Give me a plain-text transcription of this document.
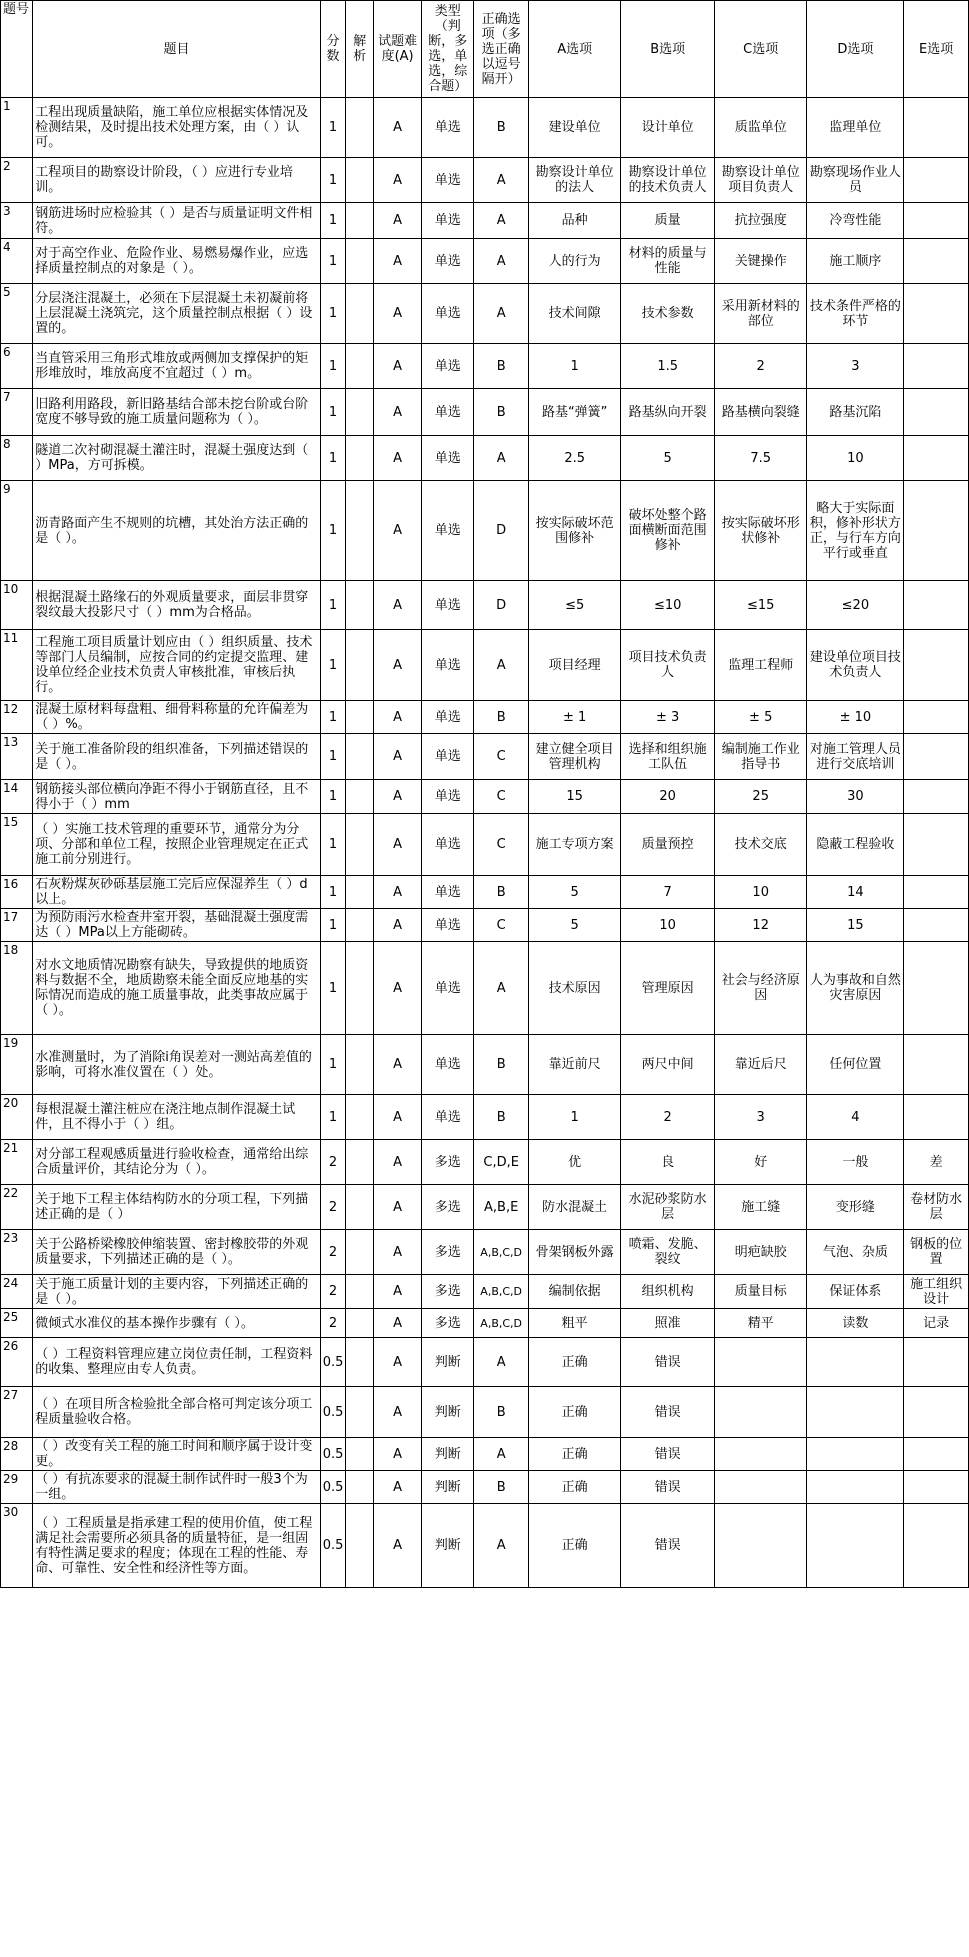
题号	题目	分数	解析	试题难度(A)	类型（判断，多选，单选，综合题）	正确选项（多选正确以逗号隔开）	A选项	B选项	C选项	D选项	E选项
1	工程出现质量缺陷，施工单位应根据实体情况及检测结果，及时提出技术处理方案，由（ ）认可。	1		A	单选	B	建设单位	设计单位	质监单位	监理单位	
2	工程项目的勘察设计阶段，（ ）应进行专业培训。	1		A	单选	A	勘察设计单位的法人	勘察设计单位的技术负责人	勘察设计单位项目负责人	勘察现场作业人员	
3	钢筋进场时应检验其（ ）是否与质量证明文件相符。	1		A	单选	A	品种	质量	抗拉强度	冷弯性能	
4	对于高空作业、危险作业、易燃易爆作业，应选择质量控制点的对象是（ ）。	1		A	单选	A	人的行为	材料的质量与性能	关键操作	施工顺序	
5	分层浇注混凝土，必须在下层混凝土未初凝前将上层混凝土浇筑完，这个质量控制点根据（ ）设置的。	1		A	单选	A	技术间隙	技术参数	采用新材料的部位	技术条件严格的环节	
6	当直管采用三角形式堆放或两侧加支撑保护的矩形堆放时，堆放高度不宜超过（ ）m。	1		A	单选	B	1	1.5	2	3	
7	旧路利用路段，新旧路基结合部未挖台阶或台阶宽度不够导致的施工质量问题称为（ ）。	1		A	单选	B	路基“弹簧”	路基纵向开裂	路基横向裂缝	路基沉陷	
8	隧道二次衬砌混凝土灌注时，混凝土强度达到（ ）MPa，方可拆模。	1		A	单选	A	2.5	5	7.5	10	
9	沥青路面产生不规则的坑槽，其处治方法正确的是（ ）。	1		A	单选	D	按实际破坏范围修补	破坏处整个路面横断面范围修补	按实际破坏形状修补	略大于实际面积，修补形状方正，与行车方向平行或垂直	
10	根据混凝土路缘石的外观质量要求，面层非贯穿裂纹最大投影尺寸（ ）mm为合格品。	1		A	单选	D	≤5	≤10	≤15	≤20	
11	工程施工项目质量计划应由（ ）组织质量、技术等部门人员编制，应按合同的约定提交监理、建设单位经企业技术负责人审核批准，审核后执行。	1		A	单选	A	项目经理	项目技术负责人	监理工程师	建设单位项目技术负责人	
12	混凝土原材料每盘粗、细骨料称量的允许偏差为（ ）%。	1		A	单选	B	± 1	± 3	± 5	± 10	
13	关于施工准备阶段的组织准备，下列描述错误的是（ ）。	1		A	单选	C	建立健全项目管理机构	选择和组织施工队伍	编制施工作业指导书	对施工管理人员进行交底培训	
14	钢筋接头部位横向净距不得小于钢筋直径，且不得小于（ ）mm	1		A	单选	C	15	20	25	30	
15	（ ）实施工技术管理的重要环节，通常分为分项、分部和单位工程，按照企业管理规定在正式施工前分别进行。	1		A	单选	C	施工专项方案	质量预控	技术交底	隐蔽工程验收	
16	石灰粉煤灰砂砾基层施工完后应保湿养生（ ）d以上。	1		A	单选	B	5	7	10	14	
17	为预防雨污水检查井室开裂，基础混凝土强度需达（ ）MPa以上方能砌砖。	1		A	单选	C	5	10	12	15	
18	对水文地质情况勘察有缺失，导致提供的地质资料与数据不全，地质勘察未能全面反应地基的实际情况而造成的施工质量事故，此类事故应属于（ ）。	1		A	单选	A	技术原因	管理原因	社会与经济原因	人为事故和自然灾害原因	
19	水准测量时，为了消除i角误差对一测站高差值的影响，可将水准仪置在（ ）处。	1		A	单选	B	靠近前尺	两尺中间	靠近后尺	任何位置	
20	每根混凝土灌注桩应在浇注地点制作混凝土试件，且不得小于（ ）组。	1		A	单选	B	1	2	3	4	
21	对分部工程观感质量进行验收检查，通常给出综合质量评价，其结论分为（ ）。	2		A	多选	C,D,E	优	良	好	一般	差
22	关于地下工程主体结构防水的分项工程，下列描述正确的是（ ）	2		A	多选	A,B,E	防水混凝土	水泥砂浆防水层	施工缝	变形缝	卷材防水层
23	关于公路桥梁橡胶伸缩装置、密封橡胶带的外观质量要求，下列描述正确的是（ ）。	2		A	多选	A,B,C,D	骨架钢板外露	喷霜、发脆、裂纹	明疤缺胶	气泡、杂质	钢板的位置
24	关于施工质量计划的主要内容，下列描述正确的是（ ）。	2		A	多选	A,B,C,D	编制依据	组织机构	质量目标	保证体系	施工组织设计
25	微倾式水准仪的基本操作步骤有（ ）。	2		A	多选	A,B,C,D	粗平	照准	精平	读数	记录
26	（ ）工程资料管理应建立岗位责任制，工程资料的收集、整理应由专人负责。	0.5		A	判断	A	正确	错误			
27	（ ）在项目所含检验批全部合格可判定该分项工程质量验收合格。	0.5		A	判断	B	正确	错误			
28	（ ）改变有关工程的施工时间和顺序属于设计变更。	0.5		A	判断	A	正确	错误			
29	（ ）有抗冻要求的混凝土制作试件时一般3个为一组。	0.5		A	判断	B	正确	错误			
30	（ ）工程质量是指承建工程的使用价值，使工程满足社会需要所必须具备的质量特征，是一组固有特性满足要求的程度；体现在工程的性能、寿命、可靠性、安全性和经济性等方面。	0.5		A	判断	A	正确	错误			
